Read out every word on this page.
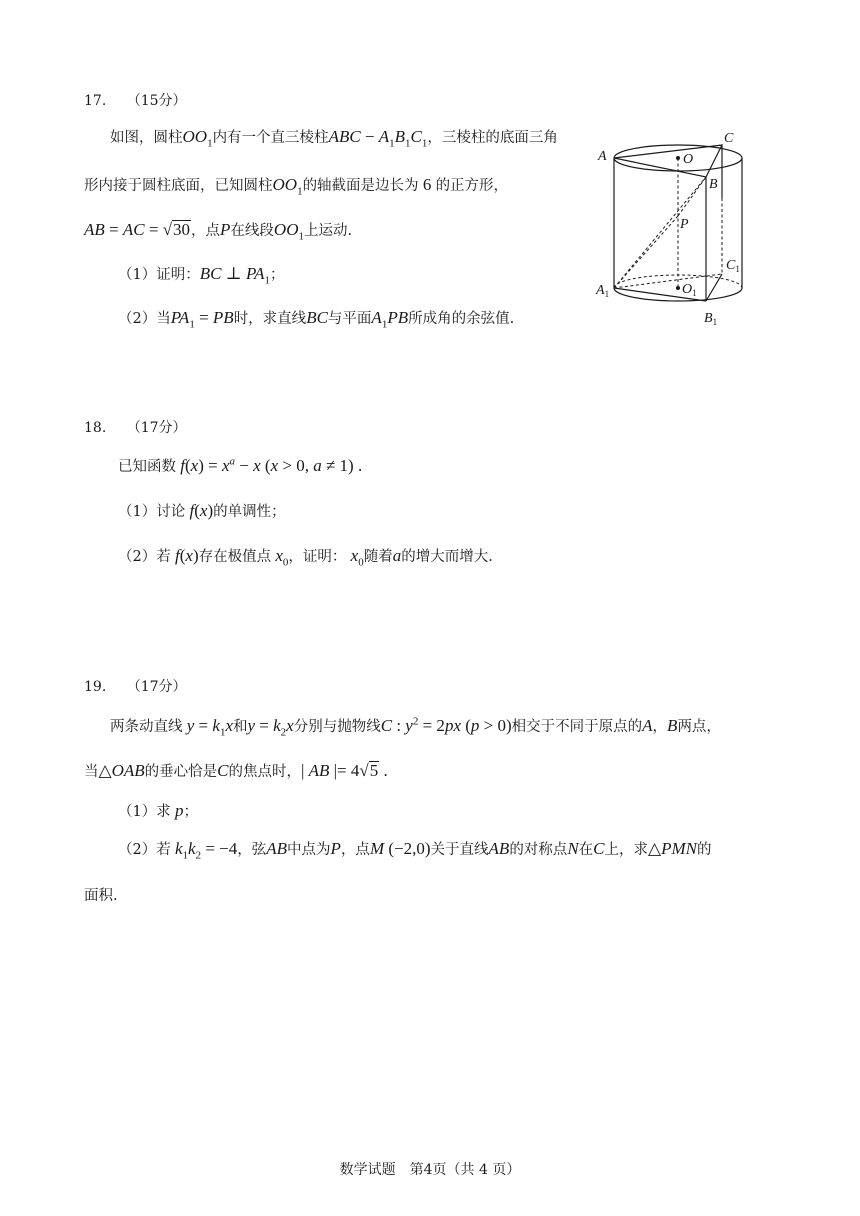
17. （15分）
如图，圆柱$OO_1$内有一个直三棱柱ABC − $A_1B_1C_1$，三棱柱的底面三角
形内接于圆柱底面，已知圆柱$OO_1$的轴截面是边长为 6 的正方形，
AB = AC = √30，点P在线段$OO_1$上运动.
（1）证明：BC ⊥ $PA_1$；
（2）当$PA_1$ = PB时，求直线BC与平面$A_1PB$所成角的余弦值.
A
C
O
B
P
$C_1$
$O_1$
$A_1$
$B_1$
18. （17分）
已知函数 $f(x) = x^a - x$ (x > 0, a ≠ 1) .
（1）讨论 f(x)的单调性；
（2）若 f(x)存在极值点 $x_0$，证明： $x_0$随着a的增大而增大.
19. （17分）
两条动直线 $y = k_1x$和$y = k_2x$分别与抛物线C : $y^2 = 2px$ (p > 0)相交于不同于原点的A，B两点，
当△OAB的垂心恰是C的焦点时，| AB |= 4√5 .
（1）求 p；
（2）若 $k_1k_2 = -4$，弦AB中点为P，点M (−2,0)关于直线AB的对称点N在C上，求△PMN的
面积.
数学试题　第4页（共 4 页）
